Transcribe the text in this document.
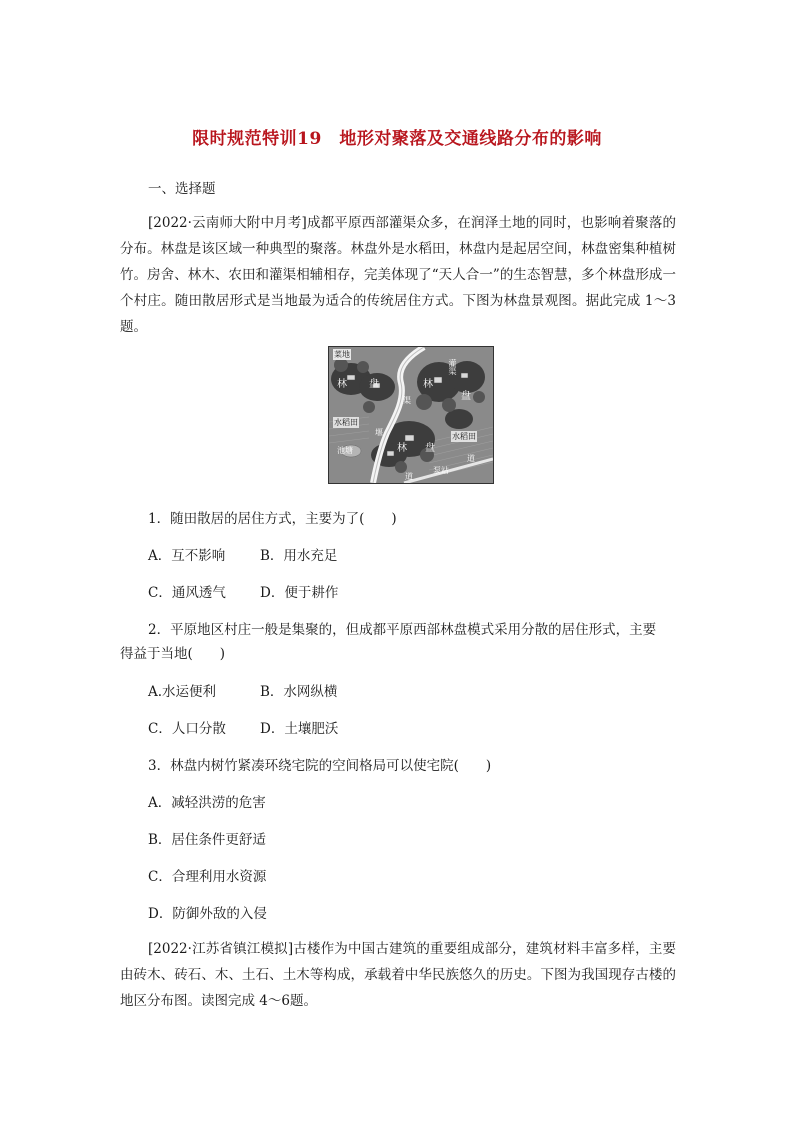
限时规范特训19　地形对聚落及交通线路分布的影响
一、选择题

[2022·云南师大附中月考]成都平原西部灌渠众多，在润泽土地的同时，也影响着聚落的分布。林盘是该区域一种典型的聚落。林盘外是水稻田，林盘内是起居空间，林盘密集种植树竹。房舍、林木、农田和灌渠相辅相存，完美体现了“天人合一”的生态智慧，多个林盘形成一个村庄。随田散居形式是当地最为适合的传统居住方式。下图为林盘景观图。据此完成 1～3题。

菜地
林 盘	林
灌渠
盘
渠
水稻田
堰
林 盘
水稻田
池塘
道
道
泵站
1．随田散居的居住方式，主要为了(　　)
A．互不影响	B．用水充足
C．通风透气	D．便于耕作
2．平原地区村庄一般是集聚的，但成都平原西部林盘模式采用分散的居住形式，主要
得益于当地(　　)
A.水运便利	B．水网纵横
C．人口分散	D．土壤肥沃
3．林盘内树竹紧凑环绕宅院的空间格局可以使宅院(　　)
A．减轻洪涝的危害
B．居住条件更舒适
C．合理利用水资源
D．防御外敌的入侵

[2022·江苏省镇江模拟]古楼作为中国古建筑的重要组成部分，建筑材料丰富多样，主要由砖木、砖石、木、土石、土木等构成，承载着中华民族悠久的历史。下图为我国现存古楼的地区分布图。读图完成 4～6题。
